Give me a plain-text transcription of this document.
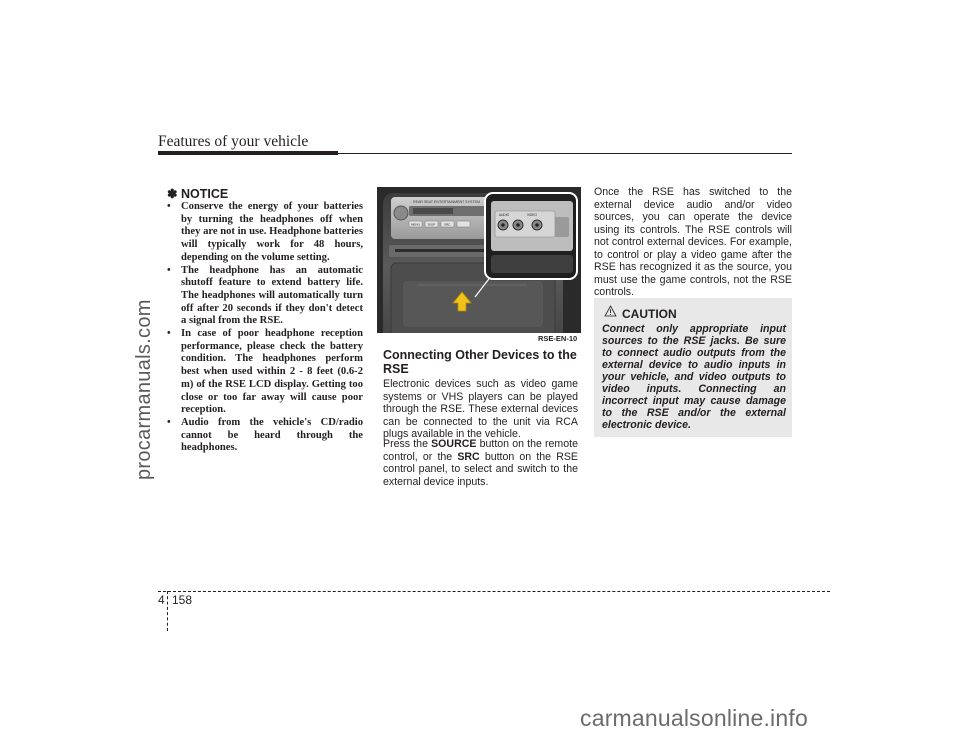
Features of your vehicle
procarmanuals.com
✽ NOTICE
• Conserve the energy of your batteries by turning the headphones off when they are not in use. Headphone batteries will typically work for 48 hours, depending on the volume setting.
• The headphone has an automatic shutoff feature to extend battery life. The headphones will automatically turn off after 20 seconds if they don't detect a signal from the RSE.
• In case of poor headphone reception performance, please check the battery condition. The headphones perform best when used within 2 - 8 feet (0.6-2 m) of the RSE LCD display. Getting too close or too far away will cause poor reception.
• Audio from the vehicle's CD/radio cannot be heard through the headphones.
REAR SEAT ENTERTAINMENT SYSTEM
MENU	DISP	SRC
AUDIO	VIDEO
RSE-EN-10
Connecting Other Devices to the RSE
Electronic devices such as video game systems or VHS players can be played through the RSE. These external devices can be connected to the unit via RCA plugs available in the vehicle.
Press the SOURCE button on the remote control, or the SRC button on the RSE control panel, to select and switch to the external device inputs.
Once the RSE has switched to the external device audio and/or video sources, you can operate the device using its controls. The RSE controls will not control external devices. For example, to control or play a video game after the RSE has recognized it as the source, you must use the game controls, not the RSE controls.
CAUTION
Connect only appropriate input sources to the RSE jacks. Be sure to connect audio outputs from the external device to audio inputs in your vehicle, and video outputs to video inputs. Connecting an incorrect input may cause damage to the RSE and/or the external electronic device.
4 158
carmanualsonline.info
